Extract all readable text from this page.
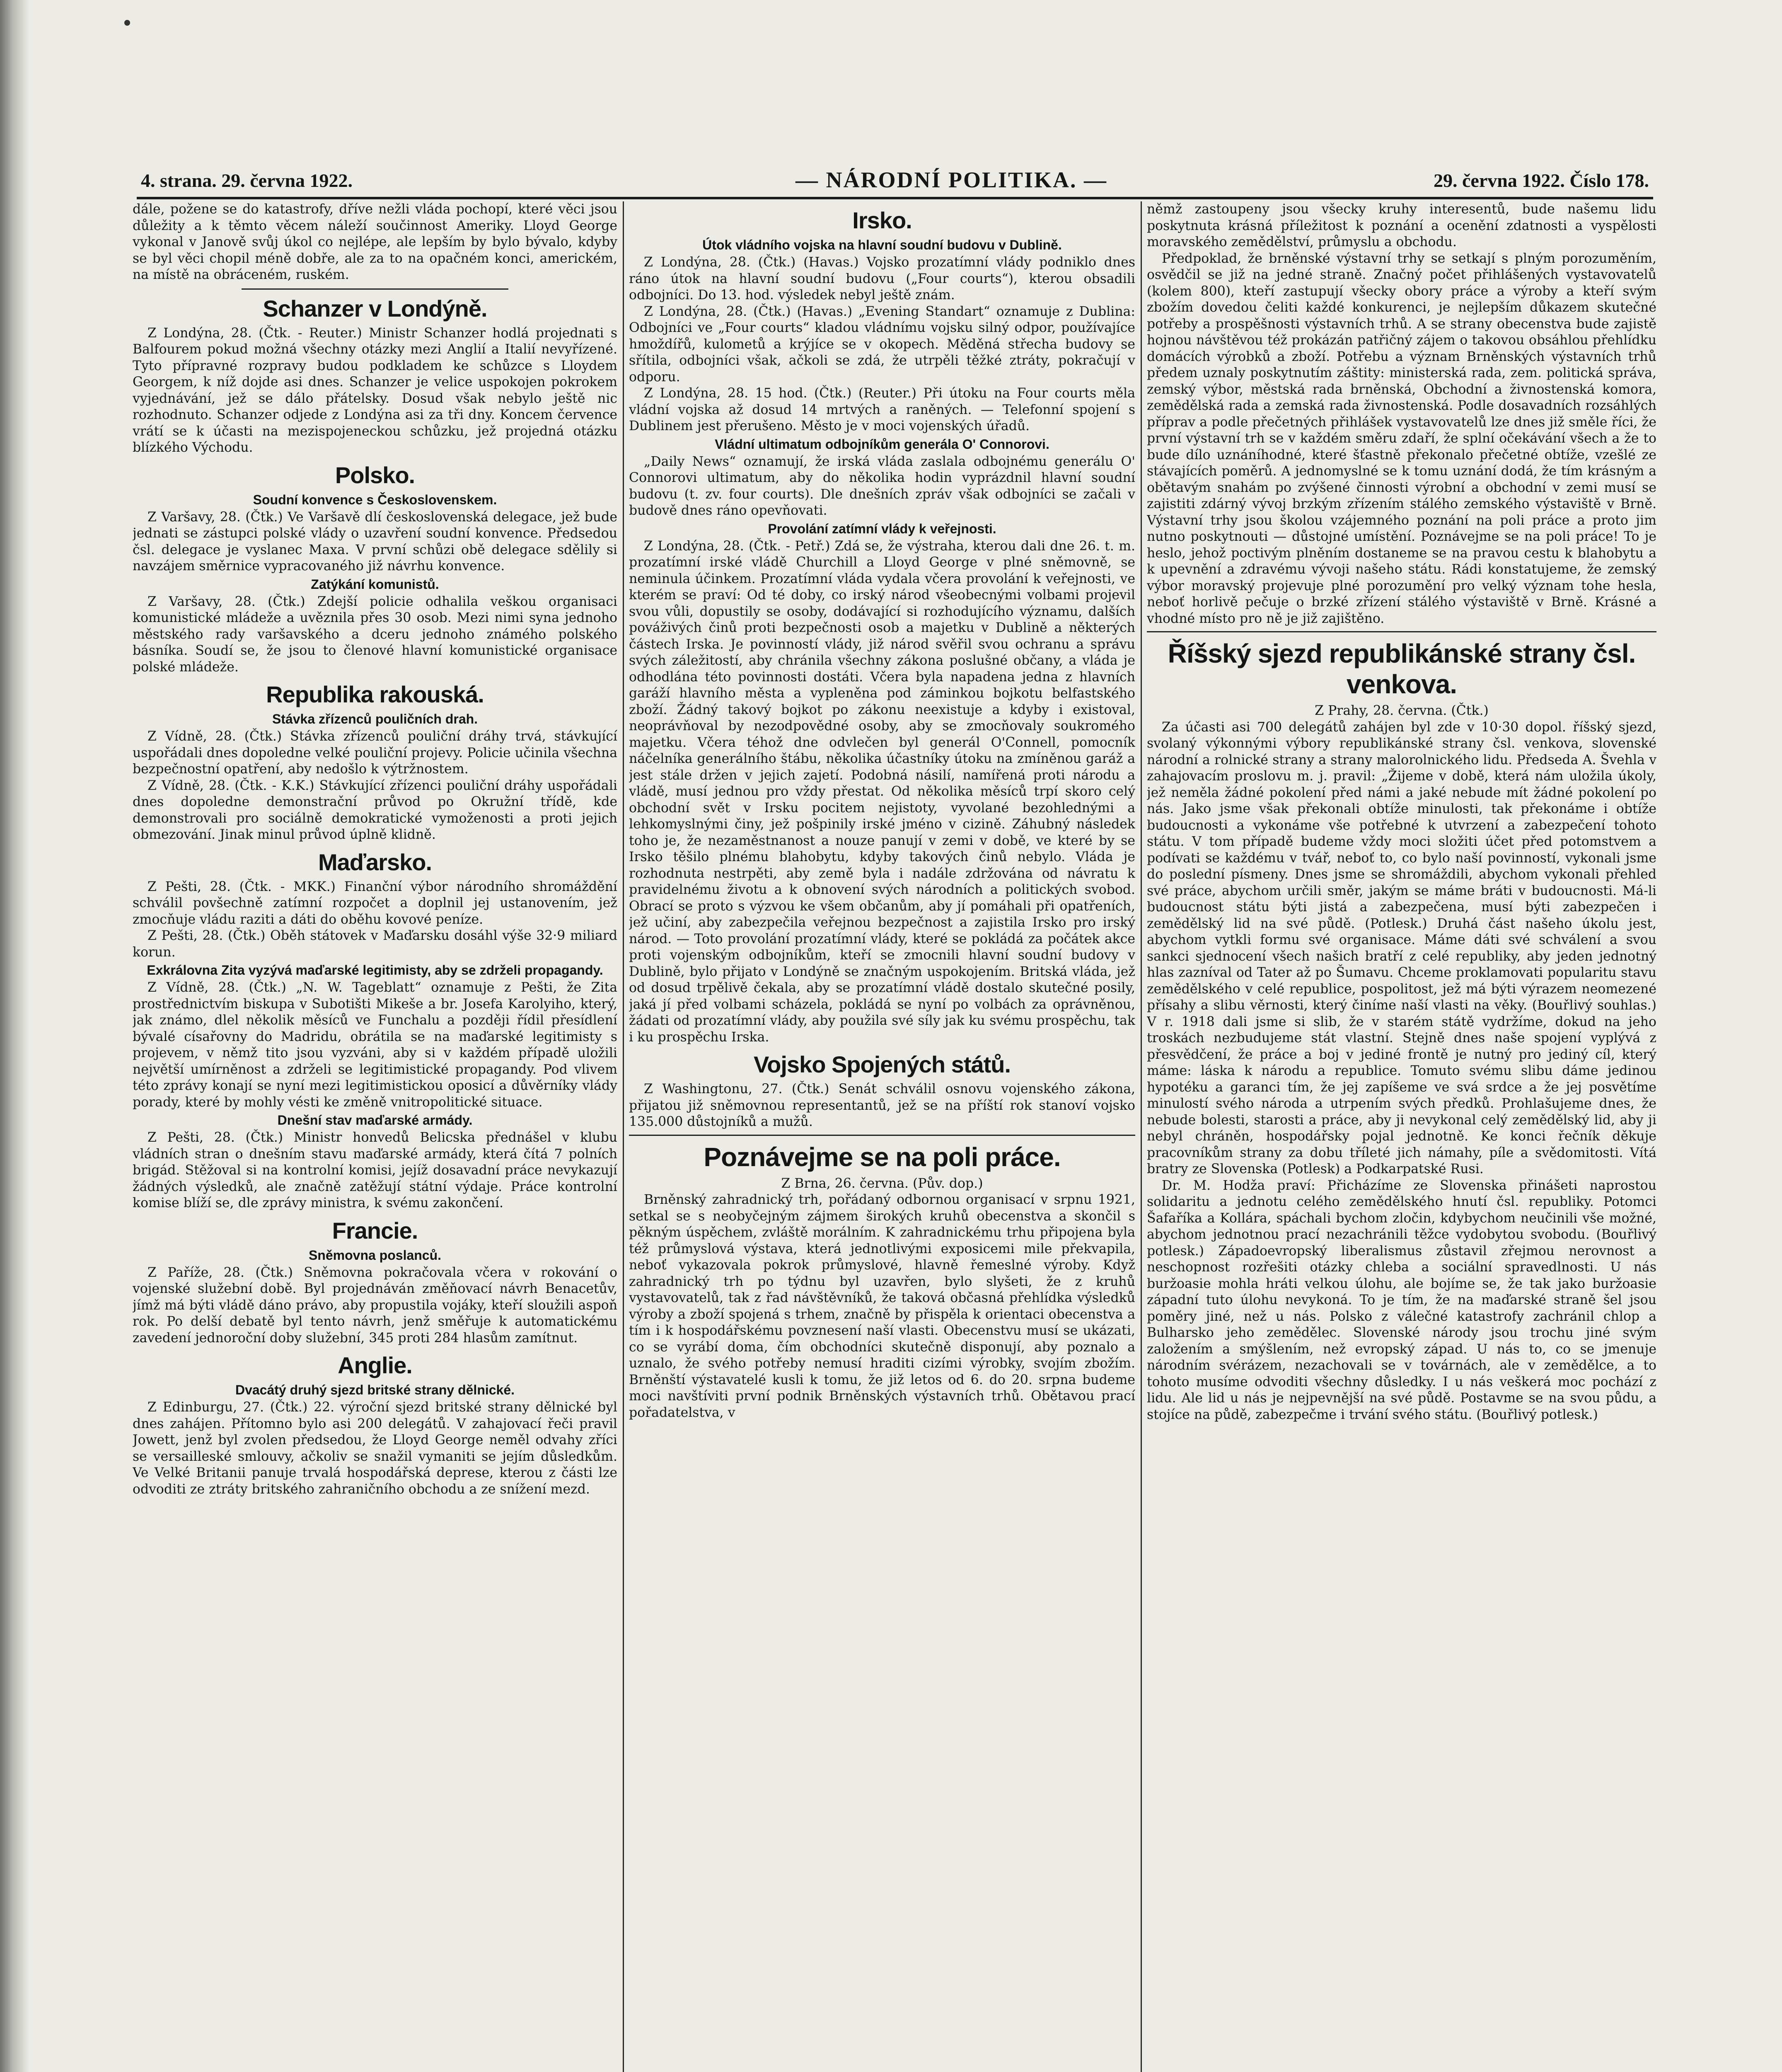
4. strana. 29. června 1922.	— NÁRODNÍ POLITIKA. —	29. června 1922. Číslo 178.

dále, požene se do katastrofy, dříve nežli vláda pochopí, které věci jsou důležity a k těmto věcem náleží součinnost Ameriky. Lloyd George vykonal v Janově svůj úkol co nejlépe, ale lepším by bylo bývalo, kdyby se byl věci chopil méně dobře, ale za to na opačném konci, americkém, na místě na obráceném, ruském.

Schanzer v Londýně.

Z Londýna, 28. (Čtk. - Reuter.) Ministr Schanzer hodlá projednati s Balfourem pokud možná všechny otázky mezi Anglií a Italií nevyřízené. Tyto přípravné rozpravy budou podkladem ke schůzce s Lloydem Georgem, k níž dojde asi dnes. Schanzer je velice uspokojen pokrokem vyjednávání, jež se dálo přátelsky. Dosud však nebylo ještě nic rozhodnuto. Schanzer odjede z Londýna asi za tři dny. Koncem července vrátí se k účasti na mezispojeneckou schůzku, jež projedná otázku blízkého Východu.

Polsko.
Soudní konvence s Československem.

Z Varšavy, 28. (Čtk.) Ve Varšavě dlí československá delegace, jež bude jednati se zástupci polské vlády o uzavření soudní konvence. Předsedou čsl. delegace je vyslanec Maxa. V první schůzi obě delegace sdělily si navzájem směrnice vypracovaného již návrhu konvence.

Zatýkání komunistů.

Z Varšavy, 28. (Čtk.) Zdejší policie odhalila veškou organisaci komunistické mládeže a uvěznila přes 30 osob. Mezi nimi syna jednoho městského rady varšavského a dceru jednoho známého polského básníka. Soudí se, že jsou to členové hlavní komunistické organisace polské mládeže.

Republika rakouská.
Stávka zřízenců pouličních drah.

Z Vídně, 28. (Čtk.) Stávka zřízenců pouliční dráhy trvá, stávkující uspořádali dnes dopoledne velké pouliční projevy. Policie učinila všechna bezpečnostní opatření, aby nedošlo k výtržnostem.

Z Vídně, 28. (Čtk. - K.K.) Stávkující zřízenci pouliční dráhy uspořádali dnes dopoledne demonstrační průvod po Okružní třídě, kde demonstrovali pro sociálně demokratické vymoženosti a proti jejich obmezování. Jinak minul průvod úplně klidně.

Maďarsko.

Z Pešti, 28. (Čtk. - MKK.) Finanční výbor národního shromáždění schválil povšechně zatímní rozpočet a doplnil jej ustanovením, jež zmocňuje vládu raziti a dáti do oběhu kovové peníze.

Z Pešti, 28. (Čtk.) Oběh státovek v Maďarsku dosáhl výše 32·9 miliard korun.

Exkrálovna Zita vyzývá maďarské legitimisty, aby se zdrželi propagandy.

Z Vídně, 28. (Čtk.) „N. W. Tageblatt“ oznamuje z Pešti, že Zita prostřednictvím biskupa v Subotišti Mikeše a br. Josefa Karolyiho, který, jak známo, dlel několik měsíců ve Funchalu a později řídil přesídlení bývalé císařovny do Madridu, obrátila se na maďarské legitimisty s projevem, v němž tito jsou vyzváni, aby si v každém případě uložili největší umírněnost a zdrželi se legitimistické propagandy. Pod vlivem této zprávy konají se nyní mezi legitimistickou oposicí a důvěrníky vlády porady, které by mohly vésti ke změně vnitropolitické situace.

Dnešní stav maďarské armády.

Z Pešti, 28. (Čtk.) Ministr honvedů Belicska přednášel v klubu vládních stran o dnešním stavu maďarské armády, která čítá 7 polních brigád. Stěžoval si na kontrolní komisi, jejíž dosavadní práce nevykazují žádných výsledků, ale značně zatěžují státní výdaje. Práce kontrolní komise blíží se, dle zprávy ministra, k svému zakončení.

Francie.
Sněmovna poslanců.

Z Paříže, 28. (Čtk.) Sněmovna pokračovala včera v rokování o vojenské služební době. Byl projednáván změňovací návrh Benacetův, jímž má býti vládě dáno právo, aby propustila vojáky, kteří sloužili aspoň rok. Po delší debatě byl tento návrh, jenž směřuje k automatickému zavedení jednoroční doby služební, 345 proti 284 hlasům zamítnut.

Anglie.
Dvacátý druhý sjezd britské strany dělnické.

Z Edinburgu, 27. (Čtk.) 22. výroční sjezd britské strany dělnické byl dnes zahájen. Přítomno bylo asi 200 delegátů. V zahajovací řeči pravil Jowett, jenž byl zvolen předsedou, že Lloyd George neměl odvahy zříci se versailleské smlouvy, ačkoliv se snažil vymaniti se jejím důsledkům. Ve Velké Britanii panuje trvalá hospodářská deprese, kterou z části lze odvoditi ze ztráty britského zahraničního obchodu a ze snížení mezd.

Irsko.
Útok vládního vojska na hlavní soudní budovu v Dublině.

Z Londýna, 28. (Čtk.) (Havas.) Vojsko prozatímní vlády podniklo dnes ráno útok na hlavní soudní budovu („Four courts“), kterou obsadili odbojníci. Do 13. hod. výsledek nebyl ještě znám.

Z Londýna, 28. (Čtk.) (Havas.) „Evening Standart“ oznamuje z Dublina: Odbojníci ve „Four courts“ kladou vládnímu vojsku silný odpor, používajíce hmoždířů, kulometů a krýjíce se v okopech. Měděná střecha budovy se sřítila, odbojníci však, ačkoli se zdá, že utrpěli těžké ztráty, pokračují v odporu.

Z Londýna, 28. 15 hod. (Čtk.) (Reuter.) Při útoku na Four courts měla vládní vojska až dosud 14 mrtvých a raněných. — Telefonní spojení s Dublinem jest přerušeno. Město je v moci vojenských úřadů.

Vládní ultimatum odbojníkům generála O' Connorovi.

„Daily News“ oznamují, že irská vláda zaslala odbojnému generálu O' Connorovi ultimatum, aby do několika hodin vyprázdnil hlavní soudní budovu (t. zv. four courts). Dle dnešních zpráv však odbojníci se začali v budově dnes ráno opevňovati.

Provolání zatímní vlády k veřejnosti.

Z Londýna, 28. (Čtk. - Petř.) Zdá se, že výstraha, kterou dali dne 26. t. m. prozatímní irské vládě Churchill a Lloyd George v plné sněmovně, se neminula účinkem. Prozatímní vláda vydala včera provolání k veřejnosti, ve kterém se praví: Od té doby, co irský národ všeobecnými volbami projevil svou vůli, dopustily se osoby, dodávající si rozhodujícího významu, dalších pováživých činů proti bezpečnosti osob a majetku v Dublině a některých částech Irska. Je povinností vlády, již národ svěřil svou ochranu a správu svých záležitostí, aby chránila všechny zákona poslušné občany, a vláda je odhodlána této povinnosti dostáti. Včera byla napadena jedna z hlavních garáží hlavního města a vypleněna pod záminkou bojkotu belfastského zboží. Žádný takový bojkot po zákonu neexistuje a kdyby i existoval, neoprávňoval by nezodpovědné osoby, aby se zmocňovaly soukromého majetku. Včera téhož dne odvlečen byl generál O'Connell, pomocník náčelníka generálního štábu, několika účastníky útoku na zmíněnou garáž a jest stále držen v jejich zajetí. Podobná násilí, namířená proti národu a vládě, musí jednou pro vždy přestat. Od několika měsíců trpí skoro celý obchodní svět v Irsku pocitem nejistoty, vyvolané bezohlednými a lehkomyslnými činy, jež pošpinily irské jméno v cizině. Záhubný následek toho je, že nezaměstnanost a nouze panují v zemi v době, ve které by se Irsko těšilo plnému blahobytu, kdyby takových činů nebylo. Vláda je rozhodnuta nestrpěti, aby země byla i nadále zdržována od návratu k pravidelnému životu a k obnovení svých národních a politických svobod. Obrací se proto s výzvou ke všem občanům, aby jí pomáhali při opatřeních, jež učiní, aby zabezpečila veřejnou bezpečnost a zajistila Irsko pro irský národ. — Toto provolání prozatímní vlády, které se pokládá za počátek akce proti vojenským odbojníkům, kteří se zmocnili hlavní soudní budovy v Dublině, bylo přijato v Londýně se značným uspokojením. Britská vláda, jež od dosud trpělivě čekala, aby se prozatímní vládě dostalo skutečné posily, jaká jí před volbami scházela, pokládá se nyní po volbách za oprávněnou, žádati od prozatímní vlády, aby použila své síly jak ku svému prospěchu, tak i ku prospěchu Irska.

Vojsko Spojených států.

Z Washingtonu, 27. (Čtk.) Senát schválil osnovu vojenského zákona, přijatou již sněmovnou representantů, jež se na příští rok stanoví vojsko 135.000 důstojníků a mužů.

Poznávejme se na poli práce.

Z Brna, 26. června. (Pův. dop.)

Brněnský zahradnický trh, pořádaný odbornou organisací v srpnu 1921, setkal se s neobyčejným zájmem širokých kruhů obecenstva a skončil s pěkným úspěchem, zvláště morálním. K zahradnickému trhu připojena byla též průmyslová výstava, která jednotlivými exposicemi mile překvapila, neboť vykazovala pokrok průmyslové, hlavně řemeslné výroby. Když zahradnický trh po týdnu byl uzavřen, bylo slyšeti, že z kruhů vystavovatelů, tak z řad návštěvníků, že taková občasná přehlídka výsledků výroby a zboží spojená s trhem, značně by přispěla k orientaci obecenstva a tím i k hospodářskému povznesení naší vlasti. Obecenstvu musí se ukázati, co se vyrábí doma, čím obchodníci skutečně disponují, aby poznalo a uznalo, že svého potřeby nemusí hraditi cizími výrobky, svojím zbožím. Brněnští výstavatelé kusli k tomu, že již letos od 6. do 20. srpna budeme moci navštíviti první podnik Brněnských výstavních trhů. Obětavou prací pořadatelstva, v

němž zastoupeny jsou všecky kruhy interesentů, bude našemu lidu poskytnuta krásná příležitost k poznání a ocenění zdatnosti a vyspělosti moravského zemědělství, průmyslu a obchodu.

Předpoklad, že brněnské výstavní trhy se setkají s plným porozuměním, osvědčil se již na jedné straně. Značný počet přihlášených vystavovatelů (kolem 800), kteří zastupují všecky obory práce a výroby a kteří svým zbožím dovedou čeliti každé konkurenci, je nejlepším důkazem skutečné potřeby a prospěšnosti výstavních trhů. A se strany obecenstva bude zajistě hojnou návštěvou též prokázán patřičný zájem o takovou obsáhlou přehlídku domácích výrobků a zboží. Potřebu a význam Brněnských výstavních trhů předem uznaly poskytnutím záštity: ministerská rada, zem. politická správa, zemský výbor, městská rada brněnská, Obchodní a živnostenská komora, zemědělská rada a zemská rada živnostenská. Podle dosavadních rozsáhlých příprav a podle přečetných přihlášek vystavovatelů lze dnes již směle říci, že první výstavní trh se v každém směru zdaří, že splní očekávání všech a že to bude dílo uznáníhodné, které šťastně překonalo přečetné obtíže, vzešlé ze stávajících poměrů. A jednomyslné se k tomu uznání dodá, že tím krásným a obětavým snahám po zvýšené činnosti výrobní a obchodní v zemi musí se zajistiti zdárný vývoj brzkým zřízením stálého zemského výstaviště v Brně. Výstavní trhy jsou školou vzájemného poznání na poli práce a proto jim nutno poskytnouti — důstojné umístění. Poznávejme se na poli práce! To je heslo, jehož poctivým plněním dostaneme se na pravou cestu k blahobytu a k upevnění a zdravému vývoji našeho státu. Rádi konstatujeme, že zemský výbor moravský projevuje plné porozumění pro velký význam tohe hesla, neboť horlivě pečuje o brzké zřízení stálého výstaviště v Brně. Krásné a vhodné místo pro ně je již zajištěno.

Říšský sjezd republikánské strany čsl. venkova.

Z Prahy, 28. června. (Čtk.)

Za účasti asi 700 delegátů zahájen byl zde v 10·30 dopol. říšský sjezd, svolaný výkonnými výbory republikánské strany čsl. venkova, slovenské národní a rolnické strany a strany malorolnického lidu. Předseda A. Švehla v zahajovacím proslovu m. j. pravil: „Žijeme v době, která nám uložila úkoly, jež neměla žádné pokolení před námi a jaké nebude mít žádné pokolení po nás. Jako jsme však překonali obtíže minulosti, tak překonáme i obtíže budoucnosti a vykonáme vše potřebné k utvrzení a zabezpečení tohoto státu. V tom případě budeme vždy moci složiti účet před potomstvem a podívati se každému v tvář, neboť to, co bylo naší povinností, vykonali jsme do poslední písmeny. Dnes jsme se shromáždili, abychom vykonali přehled své práce, abychom určili směr, jakým se máme bráti v budoucnosti. Má-li budoucnost státu býti jistá a zabezpečena, musí býti zabezpečen i zemědělský lid na své půdě. (Potlesk.) Druhá část našeho úkolu jest, abychom vytkli formu své organisace. Máme dáti své schválení a svou sankci sjednocení všech našich bratří z celé republiky, aby jeden jednotný hlas zazníval od Tater až po Šumavu. Chceme proklamovati popularitu stavu zemědělského v celé republice, pospolitost, jež má býti výrazem neomezené přísahy a slibu věrnosti, který činíme naší vlasti na věky. (Bouřlivý souhlas.) V r. 1918 dali jsme si slib, že v starém státě vydržíme, dokud na jeho troskách nezbudujeme stát vlastní. Stejně dnes naše spojení vyplývá z přesvědčení, že práce a boj v jediné frontě je nutný pro jediný cíl, který máme: láska k národu a republice. Tomuto svému slibu dáme jedinou hypotéku a garanci tím, že jej zapíšeme ve svá srdce a že jej posvětíme minulostí svého národa a utrpením svých předků. Prohlašujeme dnes, že nebude bolesti, starosti a práce, aby ji nevykonal celý zemědělský lid, aby ji nebyl chráněn, hospodářsky pojal jednotně. Ke konci řečník děkuje pracovníkům strany za dobu tříleté jich námahy, píle a svědomitosti. Vítá bratry ze Slovenska (Potlesk) a Podkarpatské Rusi.

Dr. M. Hodža praví: Přicházíme ze Slovenska přinášeti naprostou solidaritu a jednotu celého zemědělského hnutí čsl. republiky. Potomci Šafaříka a Kollára, spáchali bychom zločin, kdybychom neučinili vše možné, abychom jednotnou prací nezachránili těžce vydobytou svobodu. (Bouřlivý potlesk.) Západoevropský liberalismus zůstavil zřejmou nerovnost a neschopnost rozřešiti otázky chleba a sociální spravedlnosti. U nás buržoasie mohla hráti velkou úlohu, ale bojíme se, že tak jako buržoasie západní tuto úlohu nevykoná. To je tím, že na maďarské straně šel jsou poměry jiné, než u nás. Polsko z válečné katastrofy zachránil chlop a Bulharsko jeho zemědělec. Slovenské národy jsou trochu jiné svým založením a smýšlením, než evropský západ. U nás to, co se jmenuje národním svérázem, nezachovali se v továrnách, ale v zemědělce, a to tohoto musíme odvoditi všechny důsledky. I u nás veškerá moc pochází z lidu. Ale lid u nás je nejpevnější na své půdě. Postavme se na svou půdu, a stojíce na půdě, zabezpečme i trvání svého státu. (Bouřlivý potlesk.)
